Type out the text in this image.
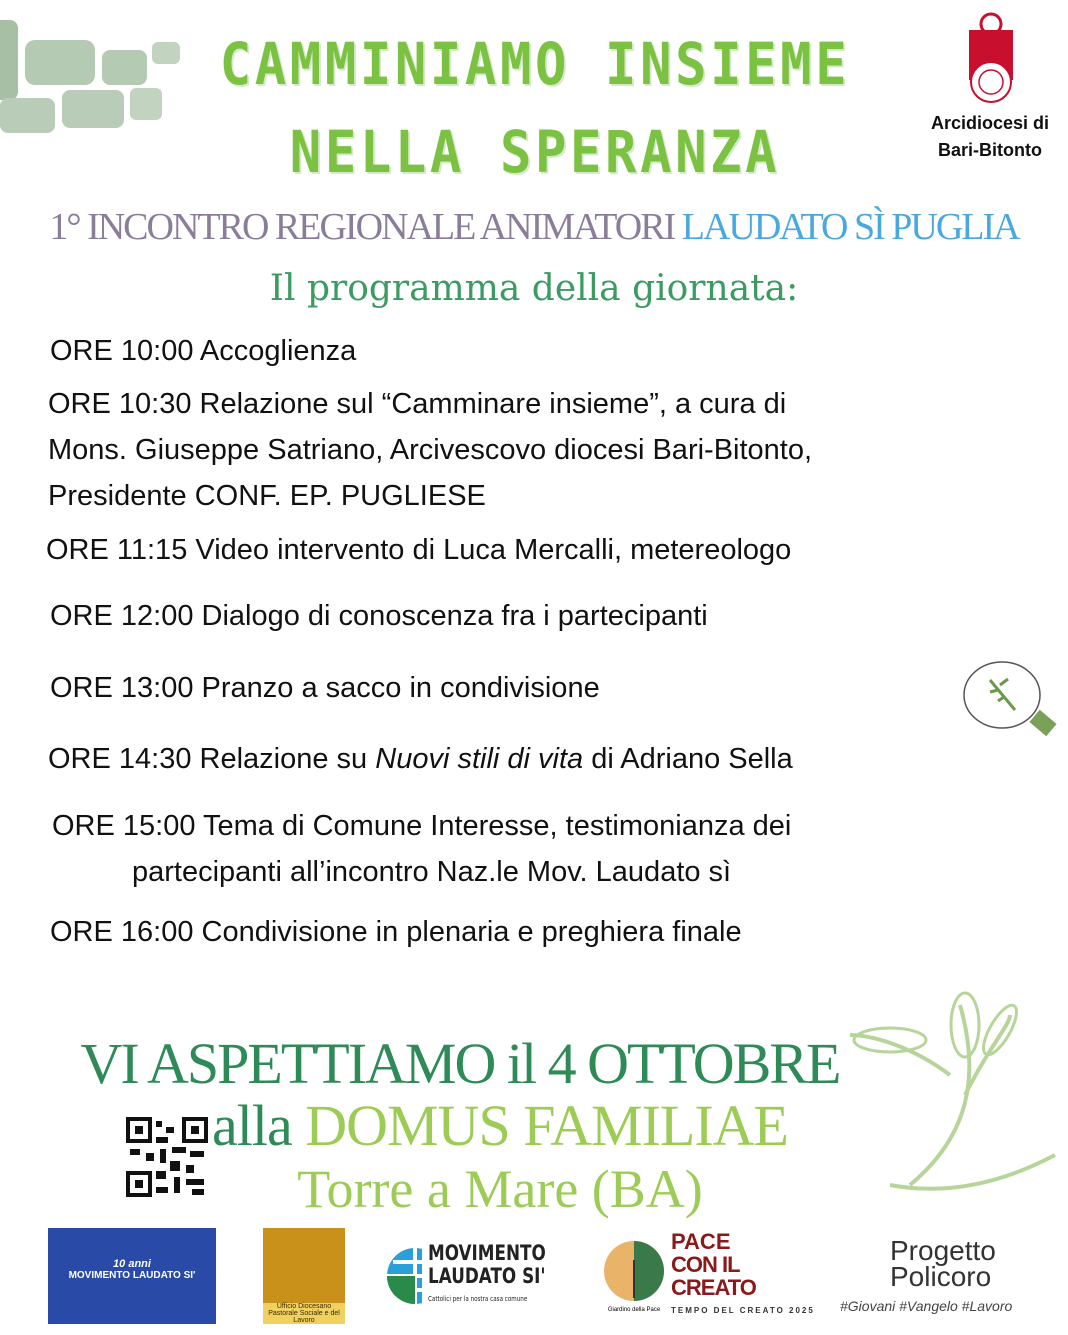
CAMMINIAMO INSIEME
NELLA SPERANZA	Arcidiocesi di
Bari-Bitonto
1° INCONTRO REGIONALE ANIMATORI LAUDATO SÌ PUGLIA
Il programma della giornata:
ORE 10:00 Accoglienza
ORE 10:30 Relazione sul “Camminare insieme”, a cura di
Mons. Giuseppe Satriano, Arcivescovo diocesi Bari-Bitonto,
Presidente CONF. EP. PUGLIESE
ORE 11:15 Video intervento di Luca Mercalli, metereologo
ORE 12:00 Dialogo di conoscenza fra i partecipanti
ORE 13:00 Pranzo a sacco in condivisione
ORE 14:30 Relazione su Nuovi stili di vita di Adriano Sella
ORE 15:00 Tema di Comune Interesse, testimonianza dei
partecipanti all’incontro Naz.le Mov. Laudato sì
ORE 16:00 Condivisione in plenaria e preghiera finale
VI ASPETTIAMO il 4 OTTOBRE
alla DOMUS FAMILIAE
Torre a Mare (BA)
10 anni
MOVIMENTO LAUDATO SI'
Ufficio Diocesano Pastorale Sociale e del Lavoro
MOVIMENTO
LAUDATO SI'
Cattolici per la nostra casa comune
Giardino della Pace
PACE
CON IL CREATO
TEMPO DEL CREATO 2025
Progetto
Policoro
#Giovani #Vangelo #Lavoro
